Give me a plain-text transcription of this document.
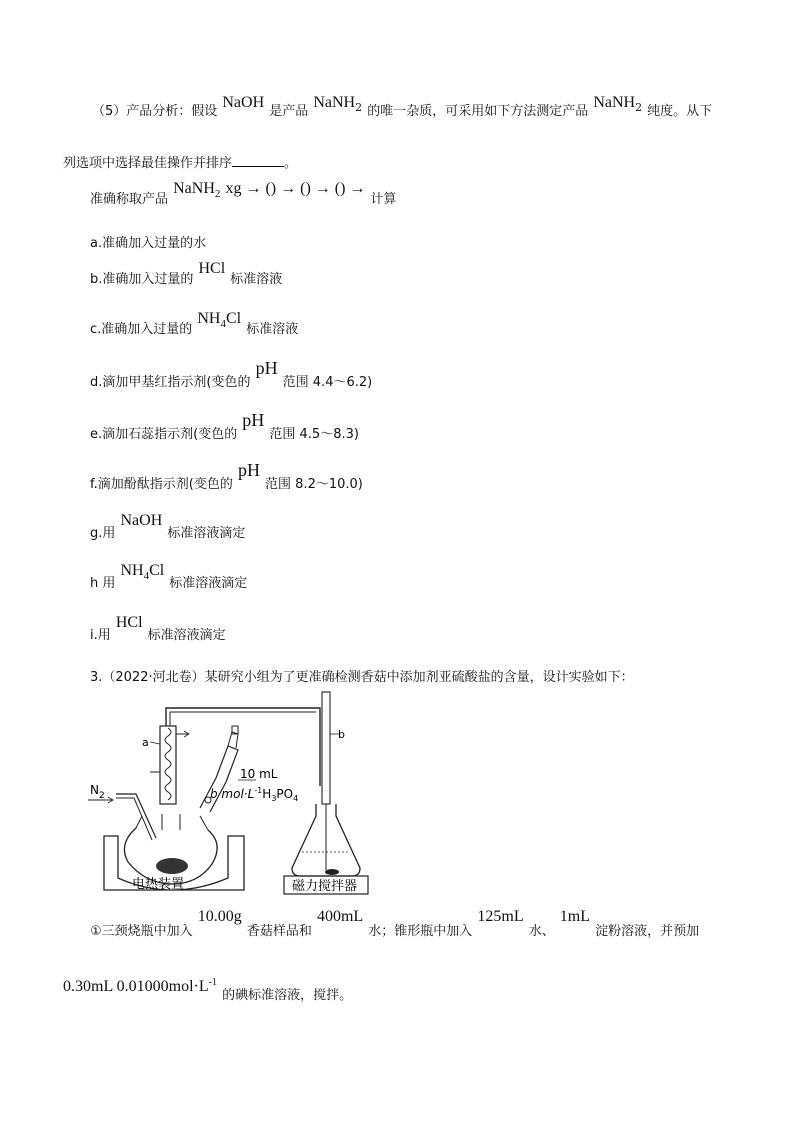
（5）产品分析：假设 NaOH 是产品 NaNH$_2$ 的唯一杂质，可采用如下方法测定产品 NaNH$_2$ 纯度。从下
列选项中选择最佳操作并排序	。
$_{准确称取产品}$ NaNH$_2$ xg → () → () → () → $_{计算}$
a.准确加入过量的水
$_{b.准确加入过量的}$ HCl $_{标准溶液}$
$_{c.准确加入过量的}$ $NH_4Cl$ $_{标准溶液}$
$_{d.滴加甲基红指示剂(变色的}$ pH $_{范围 4.4\sim 6.2)}$
$_{e.滴加石蕊指示剂(变色的}$ pH $_{范围 4.5\sim 8.3)}$
$_{f.滴加酚酞指示剂(变色的}$ pH $_{范围 8.2\sim 10.0)}$
$_{g.用}$ NaOH $_{标准溶液滴定}$
$_{h 用}$ $NH_4Cl$ $_{标准溶液滴定}$
$_{i.用}$ HCl $_{标准溶液滴定}$
3.（2022·河北卷）某研究小组为了更准确检测香菇中添加剂亚硫酸盐的含量，设计实验如下：
a
$N_2$
电热装置
10 mL
b $mol\cdot L^{-1}H_3PO_4$
b
磁力搅拌器
$_{①三颈烧瓶中加入}$ 10.00g $_{香菇样品和}$ 400mL $_{水;锥形瓶中加入}$ 125mL $_{水、}$ 1mL $_{淀粉溶液,并预加}$
0.30mL $0.01000mol\cdot L^{-1}$ $_{的碘标准溶液,搅拌。}$
